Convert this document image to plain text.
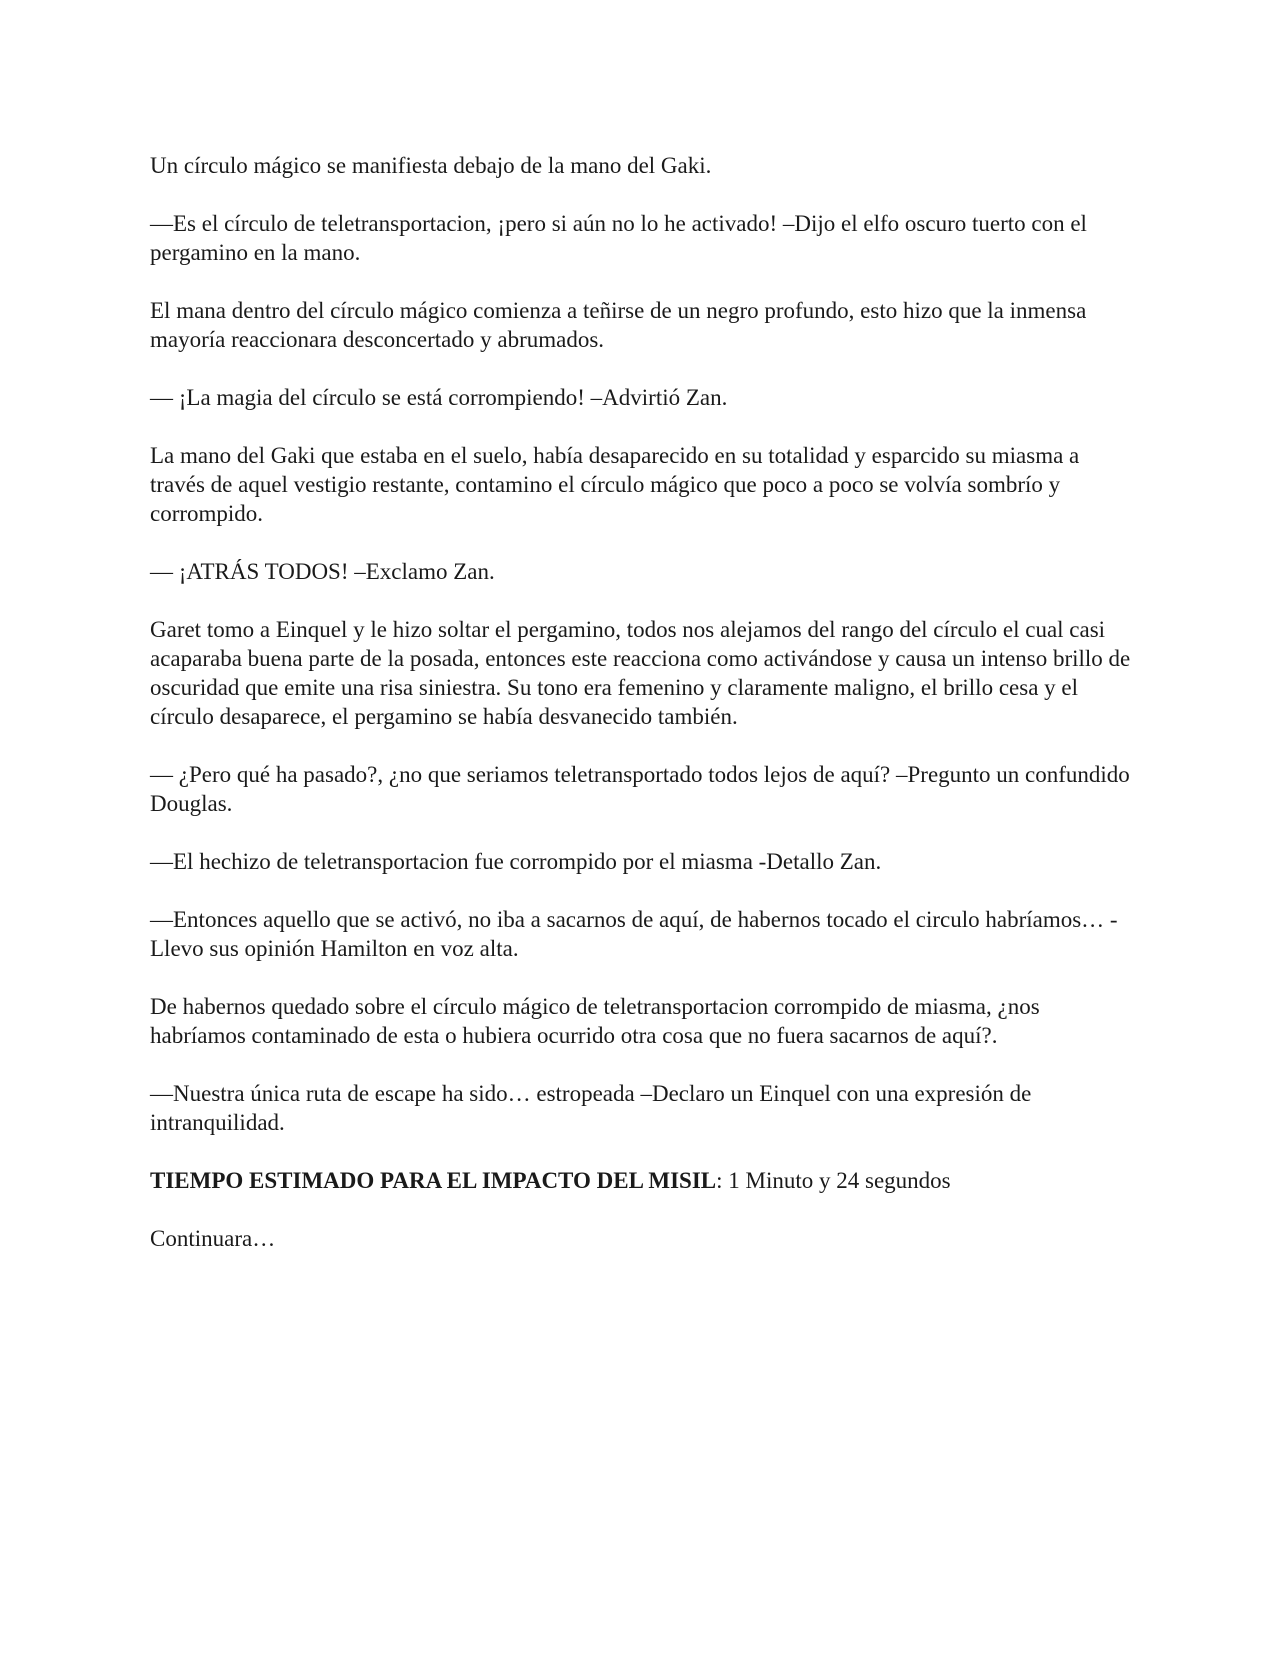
Un círculo mágico se manifiesta debajo de la mano del Gaki.

—Es el círculo de teletransportacion, ¡pero si aún no lo he activado! –Dijo el elfo oscuro tuerto con el pergamino en la mano.

El mana dentro del círculo mágico comienza a teñirse de un negro profundo, esto hizo que la inmensa mayoría reaccionara desconcertado y abrumados.

— ¡La magia del círculo se está corrompiendo! –Advirtió Zan.

La mano del Gaki que estaba en el suelo, había desaparecido en su totalidad y esparcido su miasma a través de aquel vestigio restante, contamino el círculo mágico que poco a poco se volvía sombrío y corrompido.

— ¡ATRÁS TODOS! –Exclamo Zan.

Garet tomo a Einquel y le hizo soltar el pergamino, todos nos alejamos del rango del círculo el cual casi acaparaba buena parte de la posada, entonces este reacciona como activándose y causa un intenso brillo de oscuridad que emite una risa siniestra. Su tono era femenino y claramente maligno, el brillo cesa y el círculo desaparece, el pergamino se había desvanecido también.

— ¿Pero qué ha pasado?, ¿no que seriamos teletransportado todos lejos de aquí? –Pregunto un confundido Douglas.

—El hechizo de teletransportacion fue corrompido por el miasma -Detallo Zan.

—Entonces aquello que se activó, no iba a sacarnos de aquí, de habernos tocado el circulo habríamos… -Llevo sus opinión Hamilton en voz alta.

De habernos quedado sobre el círculo mágico de teletransportacion corrompido de miasma, ¿nos habríamos contaminado de esta o hubiera ocurrido otra cosa que no fuera sacarnos de aquí?.

—Nuestra única ruta de escape ha sido… estropeada –Declaro un Einquel con una expresión de intranquilidad.

TIEMPO ESTIMADO PARA EL IMPACTO DEL MISIL: 1 Minuto y 24 segundos

Continuara…
